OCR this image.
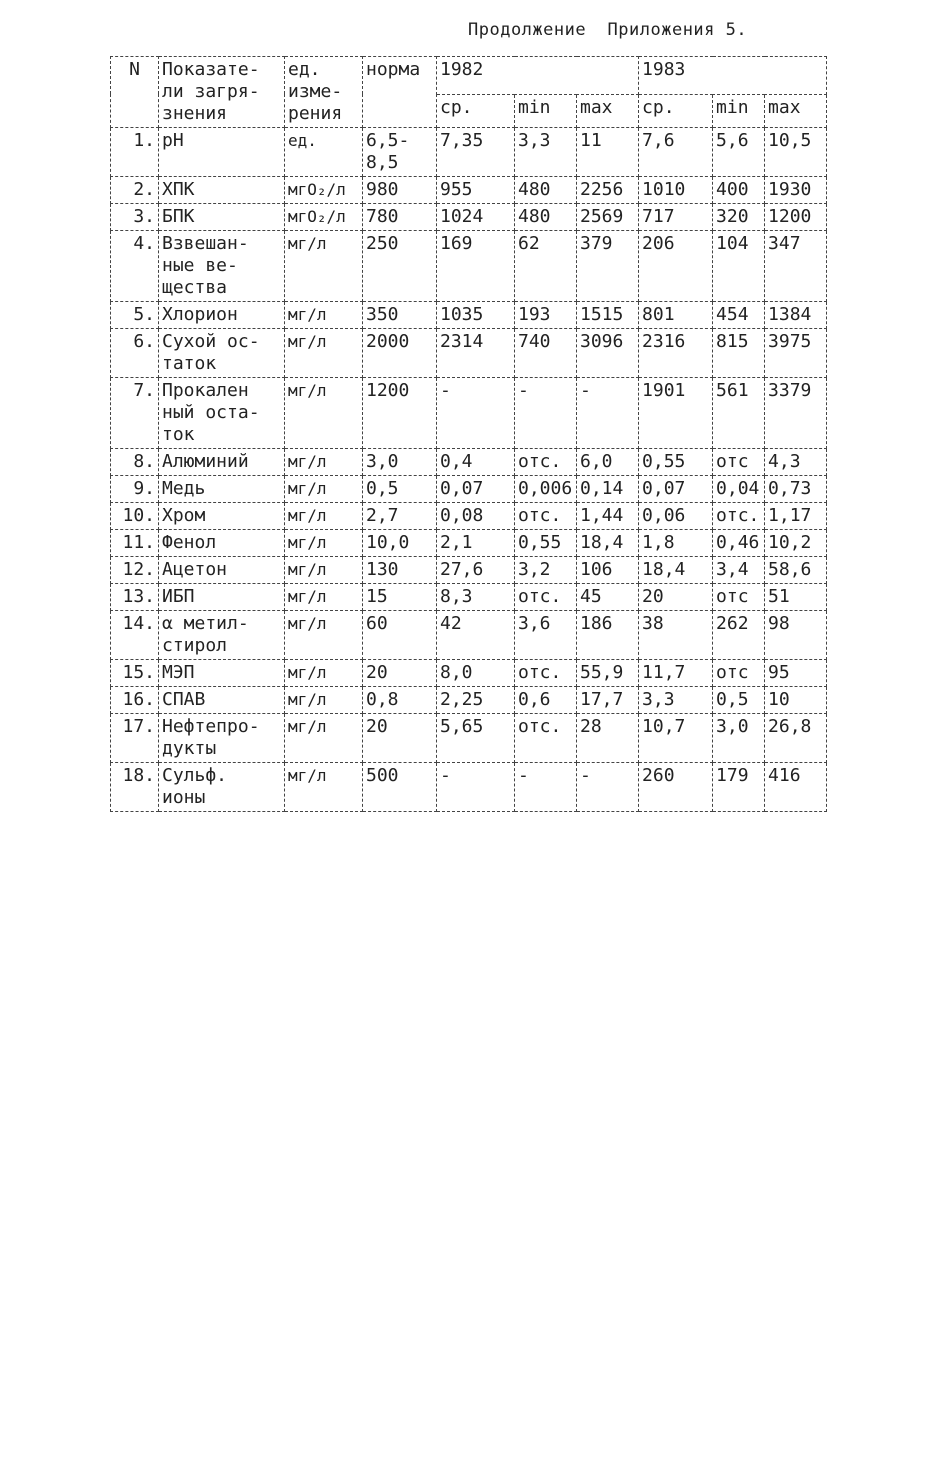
Продолжение  Приложения 5.
N	Показате-
ли загря-
знения	ед.
изме-
рения	норма	1982			1983		
				ср.	min	max	ср.	min	max
1.	pH	ед.	6,5-
8,5	7,35	3,3	11	7,6	5,6	10,5
2.	ХПК	мгО₂/л	980	955	480	2256	1010	400	1930
3.	БПК	мгО₂/л	780	1024	480	2569	717	320	1200
4.	Взвешан-
ные ве-
щества	мг/л	250	169	62	379	206	104	347
5.	Хлорион	мг/л	350	1035	193	1515	801	454	1384
6.	Сухой ос-
таток	мг/л	2000	2314	740	3096	2316	815	3975
7.	Прокален
ный оста-
ток	мг/л	1200	-	-	-	1901	561	3379
8.	Алюминий	мг/л	3,0	0,4	отс.	6,0	0,55	отс	4,3
9.	Медь	мг/л	0,5	0,07	0,006	0,14	0,07	0,04	0,73
10.	Хром	мг/л	2,7	0,08	отс.	1,44	0,06	отс.	1,17
11.	Фенол	мг/л	10,0	2,1	0,55	18,4	1,8	0,46	10,2
12.	Ацетон	мг/л	130	27,6	3,2	106	18,4	3,4	58,6
13.	ИБП	мг/л	15	8,3	отс.	45	20	отс	51
14.	α метил-
стирол	мг/л	60	42	3,6	186	38	262	98
15.	МЭП	мг/л	20	8,0	отс.	55,9	11,7	отс	95
16.	СПАВ	мг/л	0,8	2,25	0,6	17,7	3,3	0,5	10
17.	Нефтепро-
дукты	мг/л	20	5,65	отс.	28	10,7	3,0	26,8
18.	Сульф.
ионы	мг/л	500	-	-	-	260	179	416
